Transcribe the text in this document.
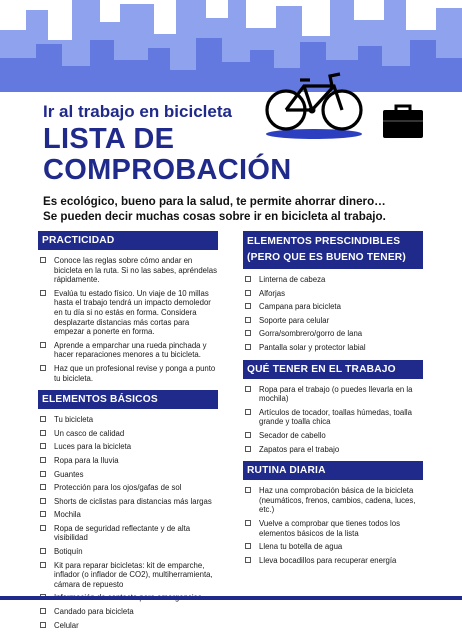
Ir al trabajo en bicicleta
LISTA DE
COMPROBACIÓN
Es ecológico, bueno para la salud, te permite ahorrar dinero…
Se pueden decir muchas cosas sobre ir en bicicleta al trabajo.
PRACTICIDAD
Conoce las reglas sobre cómo andar en bicicleta en la ruta. Si no las sabes, apréndelas rápidamente.
Evalúa tu estado físico. Un viaje de 10 millas hasta el trabajo tendrá un impacto demoledor en tu día si no estás en forma. Considera desplazarte distancias más cortas para empezar a ponerte en forma.
Aprende a emparchar una rueda pinchada y hacer reparaciones menores a tu bicicleta.
Haz que un profesional revise y ponga a punto tu bicicleta.
ELEMENTOS BÁSICOS
Tu bicicleta
Un casco de calidad
Luces para la bicicleta
Ropa para la lluvia
Guantes
Protección para los ojos/gafas de sol
Shorts de ciclistas para distancias más largas
Mochila
Ropa de seguridad reflectante y de alta visibilidad
Botiquín
Kit para reparar bicicletas: kit de emparche, inflador (o inflador de CO2), multiherramienta, cámara de repuesto
Candado para bicicleta
Celular
ELEMENTOS PRESCINDIBLES (PERO QUE ES BUENO TENER)
Linterna de cabeza
Alforjas
Campana para bicicleta
Soporte para celular
Gorra/sombrero/gorro de lana
Pantalla solar y protector labial
QUÉ TENER EN EL TRABAJO
Ropa para el trabajo (o puedes llevarla en la mochila)
Artículos de tocador, toallas húmedas, toalla grande y toalla chica
Secador de cabello
Zapatos para el trabajo
RUTINA DIARIA
Haz una comprobación básica de la bicicleta (neumáticos, frenos, cambios, cadena, luces, etc.)
Vuelve a comprobar que tienes todos los elementos básicos de la lista
Llena tu botella de agua
Lleva bocadillos para recuperar energía
